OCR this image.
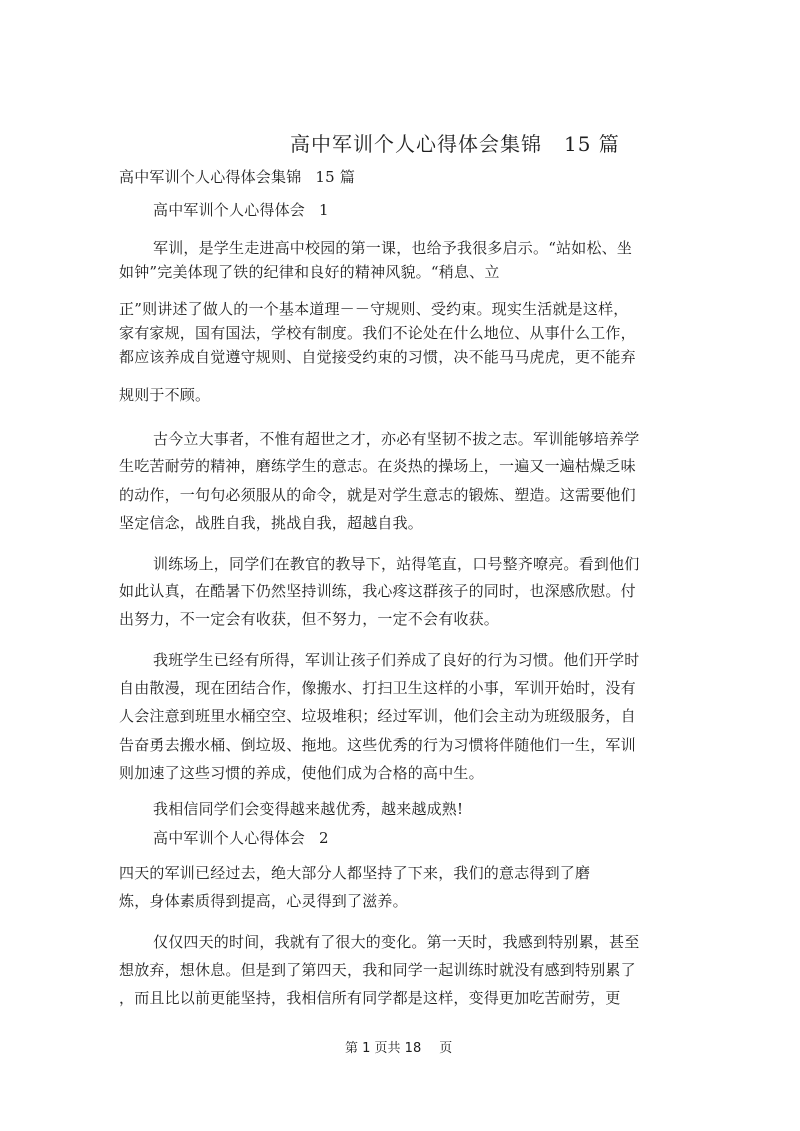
高中军训个人心得体会集锦 15 篇
高中军训个人心得体会集锦 15 篇
高中军训个人心得体会 1
军训，是学生走进高中校园的第一课，也给予我很多启示。“站如松、坐
如钟”完美体现了铁的纪律和良好的精神风貌。“稍息、立
正”则讲述了做人的一个基本道理－－守规则、受约束。现实生活就是这样，
家有家规，国有国法，学校有制度。我们不论处在什么地位、从事什么工作，
都应该养成自觉遵守规则、自觉接受约束的习惯，决不能马马虎虎，更不能弃
规则于不顾。
古今立大事者，不惟有超世之才，亦必有坚韧不拔之志。军训能够培养学
生吃苦耐劳的精神，磨练学生的意志。在炎热的操场上，一遍又一遍枯燥乏味
的动作，一句句必须服从的命令，就是对学生意志的锻炼、塑造。这需要他们
坚定信念，战胜自我，挑战自我，超越自我。
训练场上，同学们在教官的教导下，站得笔直，口号整齐嘹亮。看到他们
如此认真，在酷暑下仍然坚持训练，我心疼这群孩子的同时，也深感欣慰。付
出努力，不一定会有收获，但不努力，一定不会有收获。
我班学生已经有所得，军训让孩子们养成了良好的行为习惯。他们开学时
自由散漫，现在团结合作，像搬水、打扫卫生这样的小事，军训开始时，没有
人会注意到班里水桶空空、垃圾堆积；经过军训，他们会主动为班级服务，自
告奋勇去搬水桶、倒垃圾、拖地。这些优秀的行为习惯将伴随他们一生，军训
则加速了这些习惯的养成，使他们成为合格的高中生。
我相信同学们会变得越来越优秀，越来越成熟!
高中军训个人心得体会 2
四天的军训已经过去，绝大部分人都坚持了下来，我们的意志得到了磨
炼，身体素质得到提高，心灵得到了滋养。
仅仅四天的时间，我就有了很大的变化。第一天时，我感到特别累，甚至
想放弃，想休息。但是到了第四天，我和同学一起训练时就没有感到特别累了
，而且比以前更能坚持，我相信所有同学都是这样，变得更加吃苦耐劳，更
第 1 页共 18 页
